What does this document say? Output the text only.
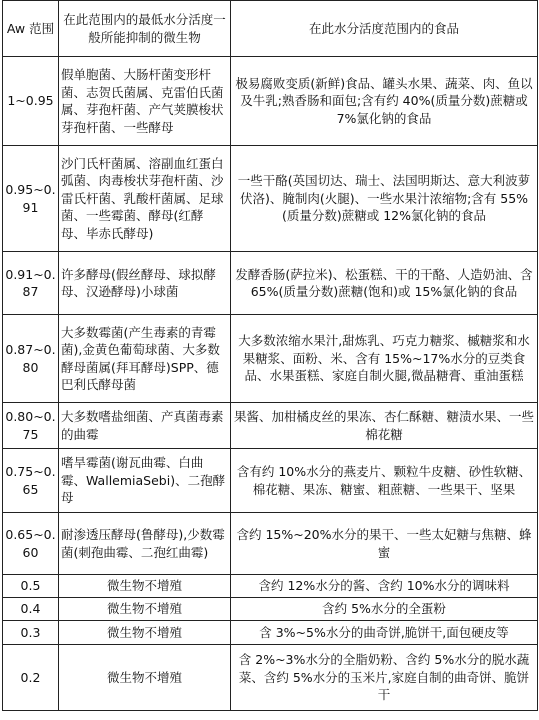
Aw 范围	在此范围内的最低水分活度一般所能抑制的微生物	在此水分活度范围内的食品
1~0.95	假单胞菌、大肠杆菌变形杆菌、志贺氏菌属、克雷伯氏菌属、芽孢杆菌、产气荚膜梭状芽孢杆菌、一些酵母	极易腐败变质(新鲜)食品、罐头水果、蔬菜、肉、鱼以及牛乳;熟香肠和面包;含有约 40%(质量分数)蔗糖或 7%氯化钠的食品
0.95~0.91	沙门氏杆菌属、溶副血红蛋白弧菌、肉毒梭状芽孢杆菌、沙雷氏杆菌、乳酸杆菌属、足球菌、一些霉菌、酵母(红酵母、毕赤氏酵母)	一些干酪(英国切达、瑞士、法国明斯达、意大利波萝伏洛)、腌制肉(火腿)、一些水果汁浓缩物;含有 55%(质量分数)蔗糖或 12%氯化钠的食品
0.91~0.87	许多酵母(假丝酵母、球拟酵母、汉逊酵母)小球菌	发酵香肠(萨拉米)、松蛋糕、干的干酪、人造奶油、含 65%(质量分数)蔗糖(饱和)或 15%氯化钠的食品
0.87~0.80	大多数霉菌(产生毒素的青霉菌),金黄色葡萄球菌、大多数酵母菌属(拜耳酵母)SPP、德巴利氏酵母菌	大多数浓缩水果汁,甜炼乳、巧克力糖浆、槭糖浆和水果糖浆、面粉、米、含有 15%~17%水分的豆类食品、水果蛋糕、家庭自制火腿,微晶糖膏、重油蛋糕
0.80~0.75	大多数嗜盐细菌、产真菌毒素的曲霉	果酱、加柑橘皮丝的果冻、杏仁酥糖、糖渍水果、一些棉花糖
0.75~0.65	嗜旱霉菌(谢瓦曲霉、白曲霉、WallemiaSebi)、二孢酵母	含有约 10%水分的燕麦片、颗粒牛皮糖、砂性软糖、棉花糖、果冻、糖蜜、粗蔗糖、一些果干、坚果
0.65~0.60	耐渗透压酵母(鲁酵母),少数霉菌(刺孢曲霉、二孢红曲霉)	含约 15%~20%水分的果干、一些太妃糖与焦糖、蜂蜜
0.5	微生物不增殖	含约 12%水分的酱、含约 10%水分的调味料
0.4	微生物不增殖	含约 5%水分的全蛋粉
0.3	微生物不增殖	含 3%~5%水分的曲奇饼,脆饼干,面包硬皮等
0.2	微生物不增殖	含 2%~3%水分的全脂奶粉、含约 5%水分的脱水蔬菜、含约 5%水分的玉米片,家庭自制的曲奇饼、脆饼干
